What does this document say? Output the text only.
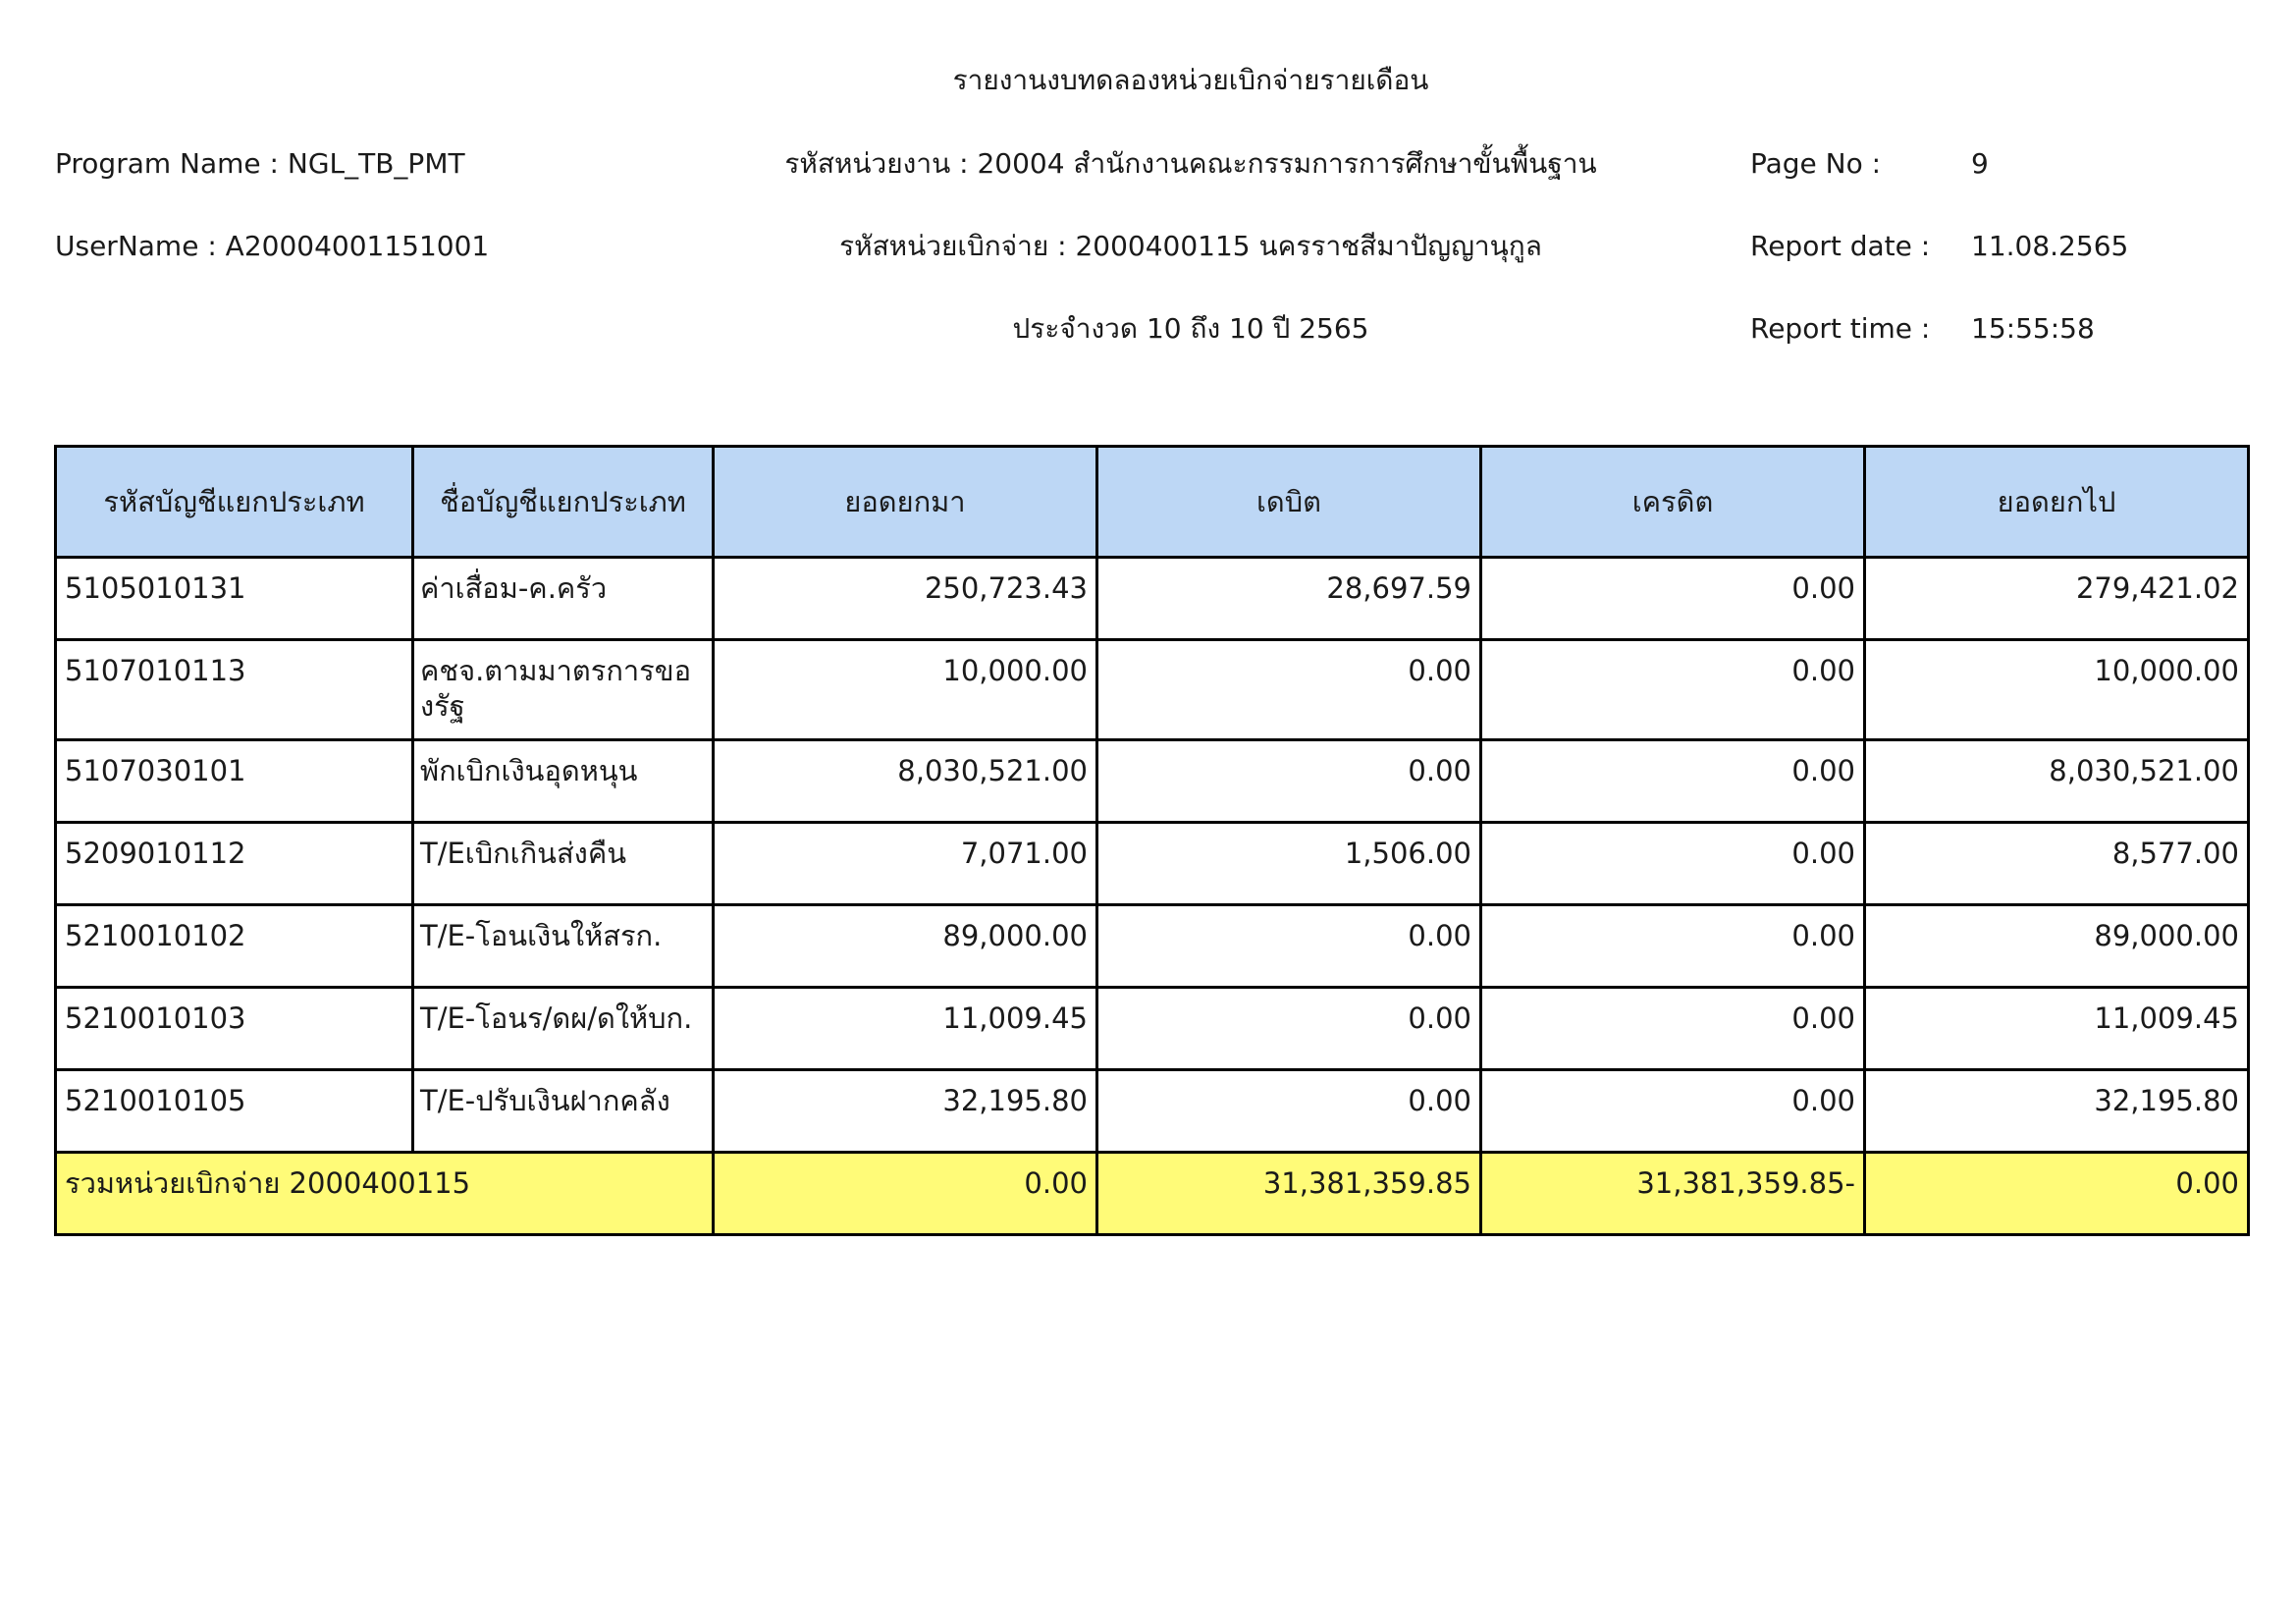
รายงานงบทดลองหน่วยเบิกจ่ายรายเดือน
Program Name : NGL_TB_PMT	รหัสหน่วยงาน : 20004 สำนักงานคณะกรรมการการศึกษาขั้นพื้นฐาน	Page No :	9
UserName : A20004001151001	รหัสหน่วยเบิกจ่าย : 2000400115 นครราชสีมาปัญญานุกูล	Report date : 11.08.2565
ประจำงวด 10 ถึง 10 ปี 2565	Report time : 15:55:58
รหัสบัญชีแยกประเภท	ชื่อบัญชีแยกประเภท	ยอดยกมา	เดบิต	เครดิต	ยอดยกไป
5105010131	ค่าเสื่อม-ค.ครัว	250,723.43	28,697.59	0.00	279,421.02
5107010113	คชจ.ตามมาตรการของรัฐ	10,000.00	0.00	0.00	10,000.00
5107030101	พักเบิกเงินอุดหนุน	8,030,521.00	0.00	0.00	8,030,521.00
5209010112	T/Eเบิกเกินส่งคืน	7,071.00	1,506.00	0.00	8,577.00
5210010102	T/E-โอนเงินให้สรก.	89,000.00	0.00	0.00	89,000.00
5210010103	T/E-โอนร/ดผ/ดให้บก.	11,009.45	0.00	0.00	11,009.45
5210010105	T/E-ปรับเงินฝากคลัง	32,195.80	0.00	0.00	32,195.80
รวมหน่วยเบิกจ่าย 2000400115		0.00	31,381,359.85	31,381,359.85-	0.00
